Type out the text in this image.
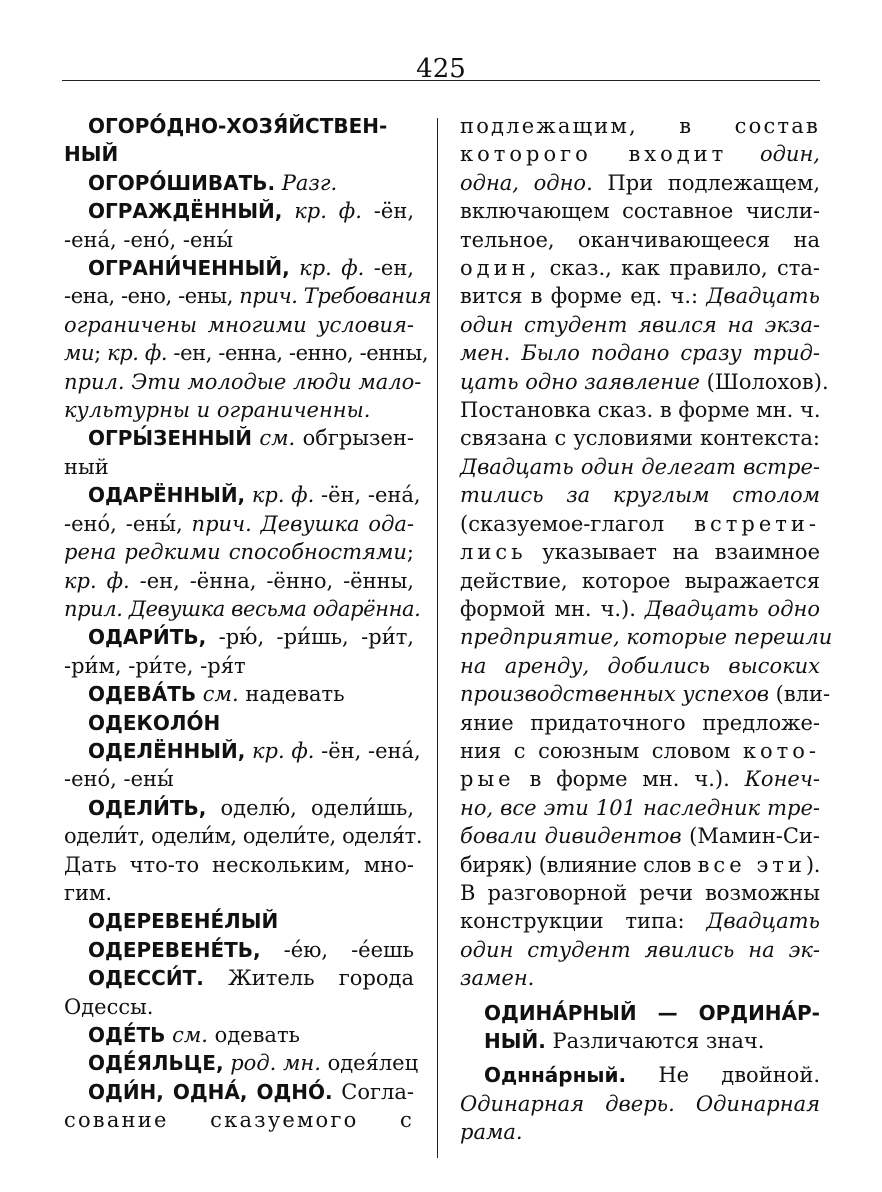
425
ОГОРО́ДНО-ХОЗЯ́ЙСТВЕН-
НЫЙ
ОГОРО́ШИВАТЬ. Разг.
ОГРАЖДЁННЫЙ, кр. ф. -ён,
-ена́, -ено́, -ены́
ОГРАНИ́ЧЕННЫЙ, кр. ф. -ен,
-ена, -ено, -ены, прич. Требования
ограничены многими условия-
ми; кр. ф. -ен, -енна, -енно, -енны,
прил. Эти молодые люди мало-
культурны и ограниченны.
ОГРЫ́ЗЕННЫЙ см. обгрызен-
ный
ОДАРЁННЫЙ, кр. ф. -ён, -ена́,
-ено́, -ены́, прич. Девушка ода-
рена редкими способностями;
кр. ф. -ен, -ённа, -ённо, -ённы,
прил. Девушка весьма одарённа.
ОДАРИ́ТЬ, -рю́, -ри́шь, -ри́т,
-ри́м, -ри́те, -ря́т
ОДЕВА́ТЬ см. надевать
ОДЕКОЛО́Н
ОДЕЛЁННЫЙ, кр. ф. -ён, -ена́,
-ено́, -ены́
ОДЕЛИ́ТЬ, оделю́, одели́шь,
одели́т, одели́м, одели́те, оделя́т.
Дать что-то нескольким, мно-
гим.
ОДЕРЕВЕНЕ́ЛЫЙ
ОДЕРЕВЕНЕ́ТЬ, -е́ю, -е́ешь
ОДЕССИ́Т. Житель города
Одессы.
ОДЕ́ТЬ см. одевать
ОДЕ́ЯЛЬЦЕ, род. мн. одея́лец
ОДИ́Н, ОДНА́, ОДНО́. Согла-
сование сказуемого с
подлежащим, в состав
которого входит один,
одна, одно. При подлежащем,
включающем составное числи-
тельное, оканчивающееся на
один, сказ., как правило, ста-
вится в форме ед. ч.: Двадцать
один студент явился на экза-
мен. Было подано сразу трид-
цать одно заявление (Шолохов).
Постановка сказ. в форме мн. ч.
связана с условиями контекста:
Двадцать один делегат встре-
тились за круглым столом
(сказуемое-глагол встрети-
лись указывает на взаимное
действие, которое выражается
формой мн. ч.). Двадцать одно
предприятие, которые перешли
на аренду, добились высоких
производственных успехов (вли-
яние придаточного предложе-
ния с союзным словом кото-
рые в форме мн. ч.). Конеч-
но, все эти 101 наследник тре-
бовали дивидентов (Мамин-Си-
биряк) (влияние слов все эти).
В разговорной речи возможны
конструкции типа: Двадцать
один студент явились на эк-
замен.
ОДИНА́РНЫЙ — ОРДИНА́Р-
НЫЙ. Различаются знач.
Однна́рный. Не двойной.
Одинарная дверь. Одинарная
рама.
